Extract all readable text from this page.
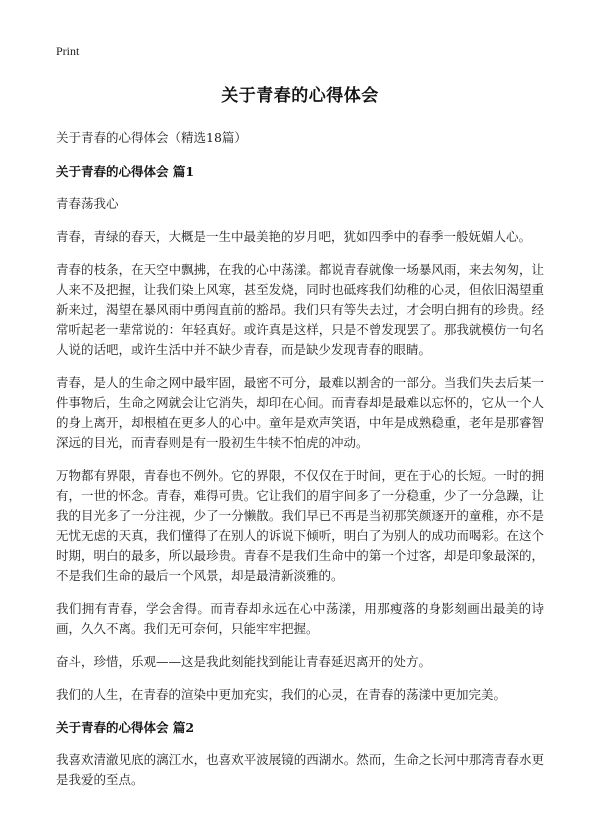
Print
关于青春的心得体会
关于青春的心得体会（精选18篇）
关于青春的心得体会 篇1
青春荡我心
青春，青绿的春天，大概是一生中最美艳的岁月吧，犹如四季中的春季一般妩媚人心。
青春的枝条，在天空中飘拂，在我的心中荡漾。都说青春就像一场暴风雨，来去匆匆，让人来不及把握，让我们染上风寒，甚至发烧，同时也砥疼我们幼稚的心灵，但依旧渴望重新来过，渴望在暴风雨中勇闯直前的豁昂。我们只有等失去过，才会明白拥有的珍贵。经常听起老一辈常说的：年轻真好。或许真是这样，只是不曾发现罢了。那我就模仿一句名人说的话吧，或许生活中并不缺少青春，而是缺少发现青春的眼睛。
青春，是人的生命之网中最牢固，最密不可分，最难以割舍的一部分。当我们失去后某一件事物后，生命之网就会让它消失，却印在心间。而青春却是最难以忘怀的，它从一个人的身上离开，却根植在更多人的心中。童年是欢声笑语，中年是成熟稳重，老年是那睿智深远的目光，而青春则是有一股初生牛犊不怕虎的冲动。
万物都有界限，青春也不例外。它的界限，不仅仅在于时间，更在于心的长短。一时的拥有，一世的怀念。青春，难得可贵。它让我们的眉宇间多了一分稳重，少了一分急躁，让我的目光多了一分注视，少了一分懒散。我们早已不再是当初那笑颜逐开的童稚，亦不是无忧无虑的天真，我们懂得了在别人的诉说下倾听，明白了为别人的成功而喝彩。在这个时期，明白的最多，所以最珍贵。青春不是我们生命中的第一个过客，却是印象最深的，不是我们生命的最后一个风景，却是最清新淡雅的。
我们拥有青春，学会舍得。而青春却永远在心中荡漾，用那瘦落的身影刻画出最美的诗画，久久不离。我们无可奈何，只能牢牢把握。
奋斗，珍惜，乐观——这是我此刻能找到能让青春延迟离开的处方。
我们的人生，在青春的渲染中更加充实，我们的心灵，在青春的荡漾中更加完美。
关于青春的心得体会 篇2
我喜欢清澈见底的漓江水，也喜欢平波展镜的西湖水。然而，生命之长河中那湾青春水更是我爱的至点。
